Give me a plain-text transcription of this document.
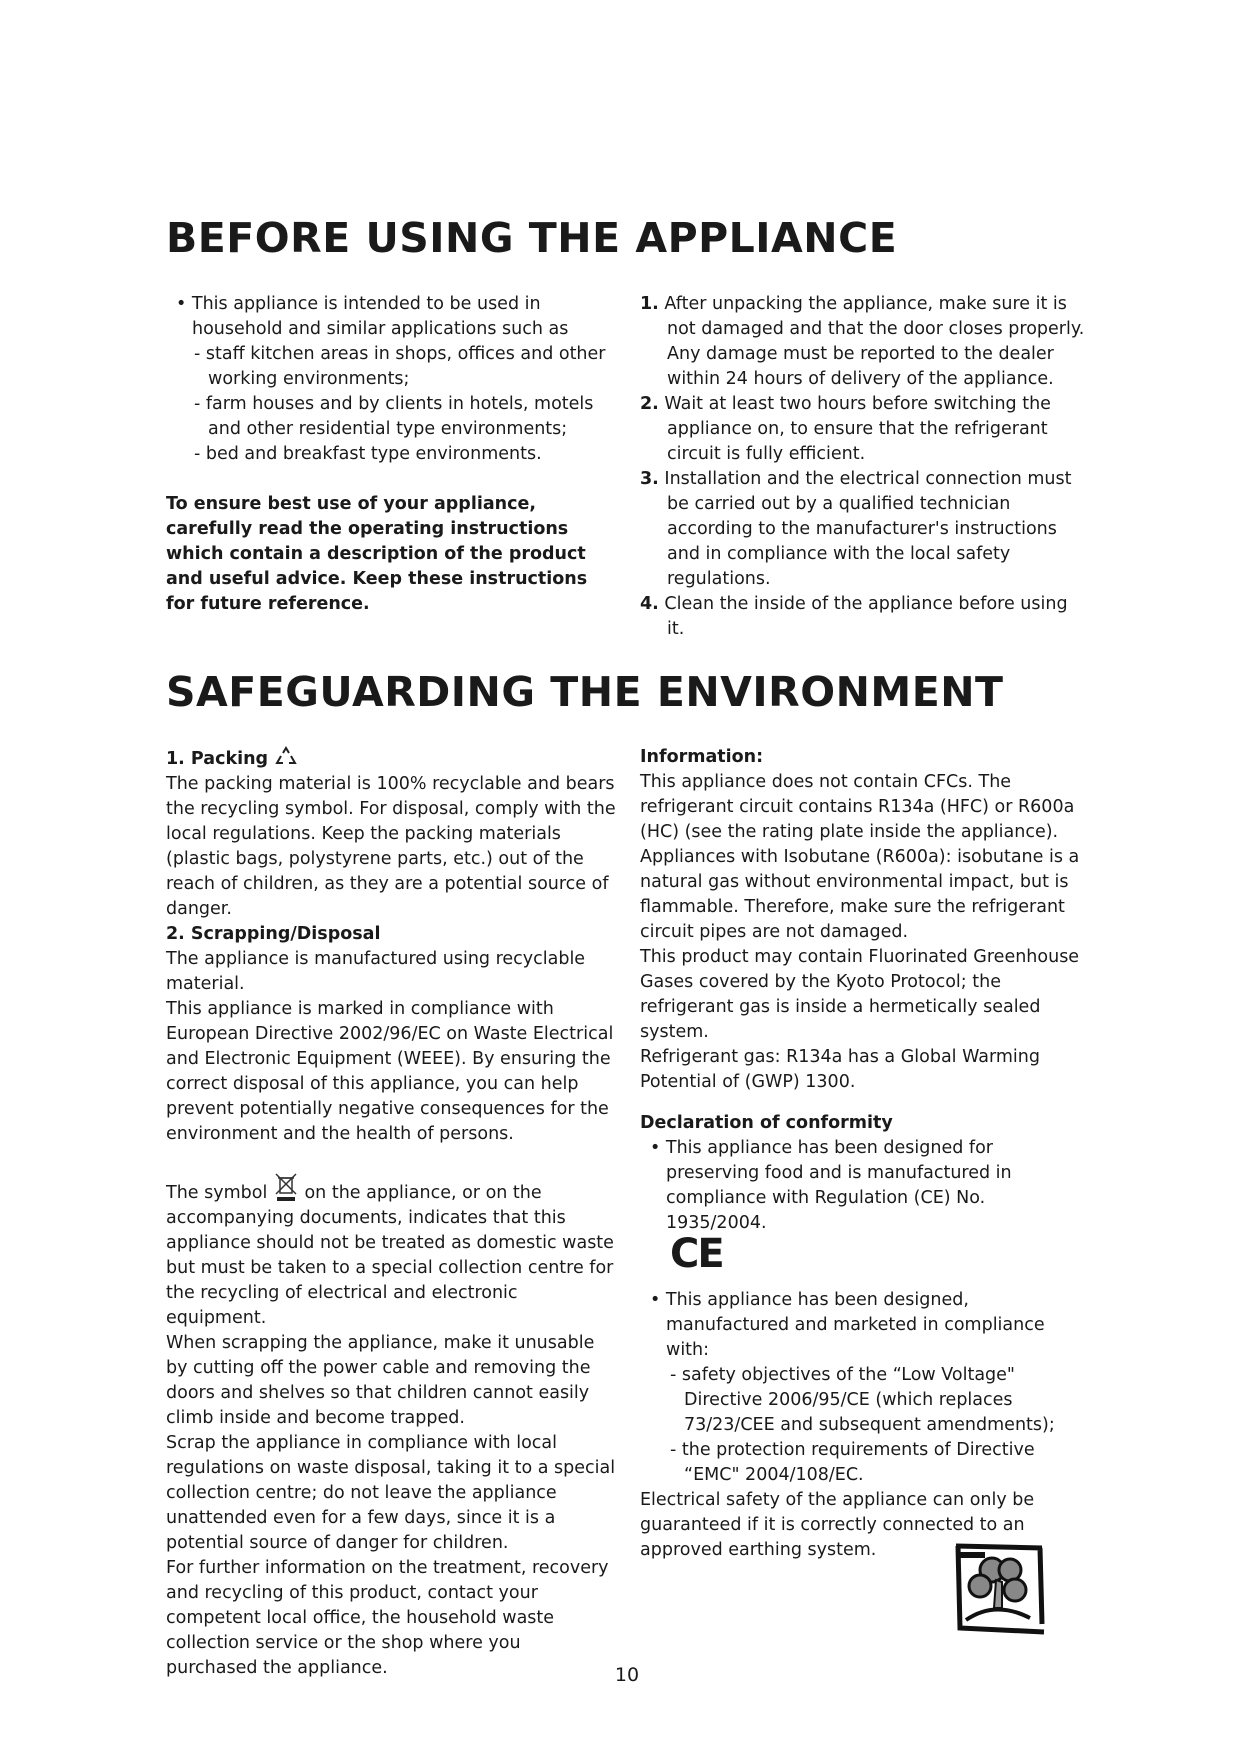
BEFORE USING THE APPLIANCE

• This appliance is intended to be used in household and similar applications such as

- staff kitchen areas in shops, offices and other working environments;

- farm houses and by clients in hotels, motels and other residential type environments;

- bed and breakfast type environments.

To ensure best use of your appliance, carefully read the operating instructions which contain a description of the product and useful advice. Keep these instructions for future reference.

1. After unpacking the appliance, make sure it is not damaged and that the door closes properly. Any damage must be reported to the dealer within 24 hours of delivery of the appliance.

2. Wait at least two hours before switching the appliance on, to ensure that the refrigerant circuit is fully efficient.

3. Installation and the electrical connection must be carried out by a qualified technician according to the manufacturer's instructions and in compliance with the local safety regulations.

4. Clean the inside of the appliance before using it.

SAFEGUARDING THE ENVIRONMENT

1. Packing

The packing material is 100% recyclable and bears the recycling symbol. For disposal, comply with the local regulations. Keep the packing materials (plastic bags, polystyrene parts, etc.) out of the reach of children, as they are a potential source of danger.

2. Scrapping/Disposal

The appliance is manufactured using recyclable material.

This appliance is marked in compliance with European Directive 2002/96/EC on Waste Electrical and Electronic Equipment (WEEE). By ensuring the correct disposal of this appliance, you can help prevent potentially negative consequences for the environment and the health of persons.

The symbol on the appliance, or on the accompanying documents, indicates that this appliance should not be treated as domestic waste but must be taken to a special collection centre for the recycling of electrical and electronic equipment.

When scrapping the appliance, make it unusable by cutting off the power cable and removing the doors and shelves so that children cannot easily climb inside and become trapped.

Scrap the appliance in compliance with local regulations on waste disposal, taking it to a special collection centre; do not leave the appliance unattended even for a few days, since it is a potential source of danger for children.

For further information on the treatment, recovery and recycling of this product, contact your competent local office, the household waste collection service or the shop where you purchased the appliance.

Information:

This appliance does not contain CFCs. The refrigerant circuit contains R134a (HFC) or R600a (HC) (see the rating plate inside the appliance).

Appliances with Isobutane (R600a): isobutane is a natural gas without environmental impact, but is flammable. Therefore, make sure the refrigerant circuit pipes are not damaged.

This product may contain Fluorinated Greenhouse Gases covered by the Kyoto Protocol; the refrigerant gas is inside a hermetically sealed system.

Refrigerant gas: R134a has a Global Warming Potential of (GWP) 1300.

Declaration of conformity

• This appliance has been designed for preserving food and is manufactured in compliance with Regulation (CE) No. 1935/2004.

CE

• This appliance has been designed, manufactured and marketed in compliance with:

- safety objectives of the “Low Voltage" Directive 2006/95/CE (which replaces 73/23/CEE and subsequent amendments);

- the protection requirements of Directive “EMC" 2004/108/EC.

Electrical safety of the appliance can only be guaranteed if it is correctly connected to an approved earthing system.

10
